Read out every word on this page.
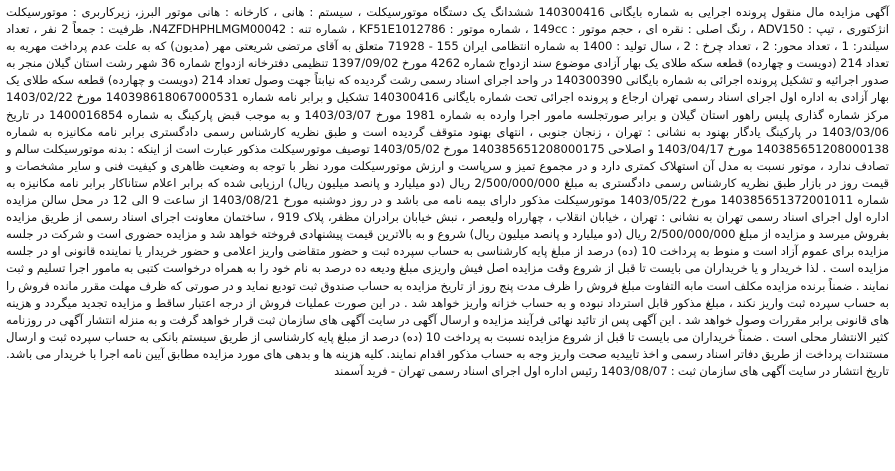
آگهی مزایده مال منقول پرونده اجرایی به شماره بایگانی 140300416 ششدانگ یک دستگاه موتورسیکلت ، سیستم : هانی ، کارخانه : هانی موتور البرز، زیرکاربری : موتورسیکلت انژکتوری ، تیپ : ADV150 ، رنگ اصلی : نقره ای ، حجم موتور : 149cc ، شماره موتور : KF51E1012786 ، شماره تنه : N4ZFDHPHLMGM00042، ظرفیت : جمعاً 2 نفر ، تعداد سیلندر: 1 ، تعداد محور: 2 ، تعداد چرخ : 2 ، سال تولید : 1400 به شماره انتظامی ایران 155 - 71928 متعلق به آقای مرتضی شریعتی مهر (مدیون) که به علت عدم پرداخت مهریه به تعداد 214 (دویست و چهارده) قطعه سکه طلای یک بهار آزادی موضوع سند ازدواج شماره 4262 مورخ 1397/09/02 تنظیمی دفترخانه ازدواج شماره 36 شهر رشت استان گیلان منجر به صدور اجرائیه و تشکیل پرونده اجرائی به شماره بایگانی 140300390 در واحد اجرای اسناد رسمی رشت گردیده که نیابتاً جهت وصول تعداد 214 (دویست و چهارده) قطعه سکه طلای یک بهار آزادی به اداره اول اجرای اسناد رسمی تهران ارجاع و پرونده اجرائی تحت شماره بایگانی 140300416 تشکیل و برابر نامه شماره 140398618067000531 مورخ 1403/02/22 مرکز شماره گذاری پلیس راهور استان گیلان و برابر صورتجلسه مامور اجرا وارده به شماره 1981 مورخ 1403/03/07 و به موجب قبض پارکینگ به شماره 1400016854 در تاریخ 1403/03/06 در پارکینگ یادگار بهنود به نشانی : تهران ، زنجان جنوبی ، انتهای بهنود متوقف گردیده است و طبق نظریه کارشناس رسمی دادگستری برابر نامه مکانیزه به شماره 140385651208000138 مورخ 1403/04/17 و اصلاحی 140385651208000175 مورخ 1403/05/02 توصیف موتورسیکلت مذکور عبارت است از اینکه : بدنه موتورسیکلت سالم و تصادف ندارد ، موتور نسبت به مدل آن استهلاک کمتری دارد و در مجموع تمیز و سرپاست و ارزش موتورسیکلت مورد نظر با توجه به وضعیت ظاهری و کیفیت فنی و سایر مشخصات و قیمت روز در بازار طبق نظریه کارشناس رسمی دادگستری به مبلغ 2/500/000/000 ریال (دو میلیارد و پانصد میلیون ریال) ارزیابی شده که برابر اعلام ستاناکار برابر نامه مکانیزه به شماره 140385651372001011 مورخ 1403/05/22 موتورسیکلت مذکور دارای بیمه نامه می باشد و در روز دوشنبه مورخ 1403/08/21 از ساعت 9 الی 12 در محل سالن مزایده اداره اول اجرای اسناد رسمی تهران به نشانی : تهران ، خیابان انقلاب ، چهارراه ولیعصر ، نبش خیابان برادران مظفر، پلاک 919 ، ساختمان معاونت اجرای اسناد رسمی از طریق مزایده بفروش میرسد و مزایده از مبلغ 2/500/000/000 ریال (دو میلیارد و پانصد میلیون ریال) شروع و به بالاترین قیمت پیشنهادی فروخته خواهد شد و مزایده حضوری است و شرکت در جلسه مزایده برای عموم آزاد است و منوط به پرداخت 10 (ده) درصد از مبلغ پایه کارشناسی به حساب سپرده ثبت و حضور متقاضی واریز اعلامی و حضور خریدار یا نماینده قانونی او در جلسه مزایده است . لذا خریدار و یا خریداران می بایست تا قبل از شروع وقت مزایده اصل فیش واریزی مبلغ ودیعه ده درصد به نام خود را به همراه درخواست کتبی به مامور اجرا تسلیم و ثبت نمایند . ضمناً برنده مزایده مکلف است مابه التفاوت مبلغ فروش را ظرف مدت پنج روز از تاریخ مزایده به حساب صندوق ثبت تودیع نماید و در صورتی که ظرف مهلت مقرر مانده فروش را به حساب سپرده ثبت واریز نکند ، مبلغ مذکور قابل استرداد نبوده و به حساب خزانه واریز خواهد شد . در این صورت عملیات فروش از درجه اعتبار ساقط و مزایده تجدید میگردد و هزینه های قانونی برابر مقررات وصول خواهد شد . این آگهی پس از تائید نهائی فرآیند مزایده و ارسال آگهی در سایت آگهی های سازمان ثبت قرار خواهد گرفت و به منزله انتشار آگهی در روزنامه کثیر الانتشار محلی است . ضمناً خریداران می بایست تا قبل از شروع مزایده نسبت به پرداخت 10 (ده) درصد از مبلغ پایه کارشناسی از طریق سیستم بانکی به حساب سپرده ثبت و ارسال مستندات پرداخت از طریق دفاتر اسناد رسمی و اخذ تاییدیه صحت واریز وجه به حساب مذکور اقدام نمایند. کلیه هزینه ها و بدهی های مورد مزایده مطابق آیین نامه اجرا با خریدار می باشد. تاریخ انتشار در سایت آگهی های سازمان ثبت : 1403/08/07 رئیس اداره اول اجرای اسناد رسمی تهران - فرید آسمند
